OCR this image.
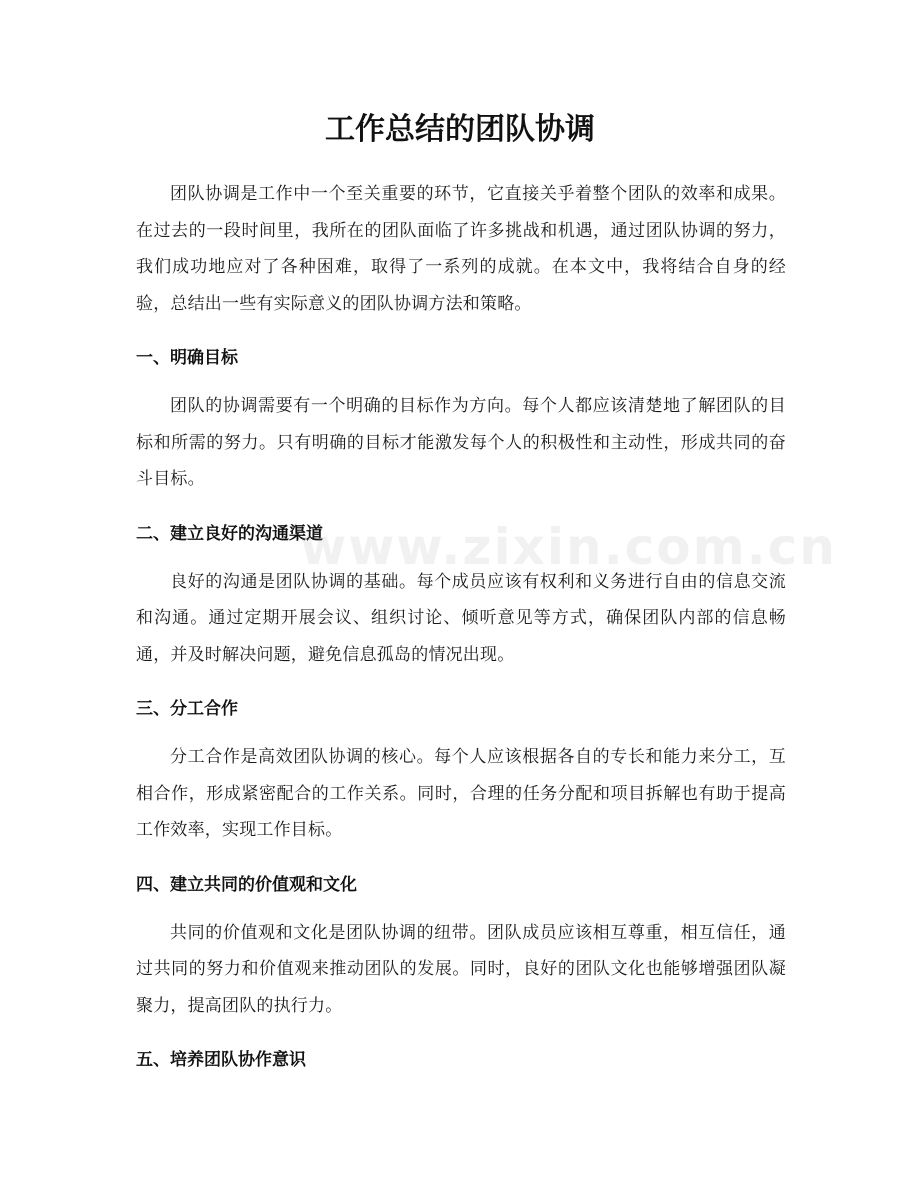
工作总结的团队协调

团队协调是工作中一个至关重要的环节，它直接关乎着整个团队的效率和成果。在过去的一段时间里，我所在的团队面临了许多挑战和机遇，通过团队协调的努力，我们成功地应对了各种困难，取得了一系列的成就。在本文中，我将结合自身的经验，总结出一些有实际意义的团队协调方法和策略。

一、明确目标

团队的协调需要有一个明确的目标作为方向。每个人都应该清楚地了解团队的目标和所需的努力。只有明确的目标才能激发每个人的积极性和主动性，形成共同的奋斗目标。

二、建立良好的沟通渠道

良好的沟通是团队协调的基础。每个成员应该有权利和义务进行自由的信息交流和沟通。通过定期开展会议、组织讨论、倾听意见等方式，确保团队内部的信息畅通，并及时解决问题，避免信息孤岛的情况出现。

三、分工合作

分工合作是高效团队协调的核心。每个人应该根据各自的专长和能力来分工，互相合作，形成紧密配合的工作关系。同时，合理的任务分配和项目拆解也有助于提高工作效率，实现工作目标。

四、建立共同的价值观和文化

共同的价值观和文化是团队协调的纽带。团队成员应该相互尊重，相互信任，通过共同的努力和价值观来推动团队的发展。同时，良好的团队文化也能够增强团队凝聚力，提高团队的执行力。

五、培养团队协作意识
www.zixin.com.cn
